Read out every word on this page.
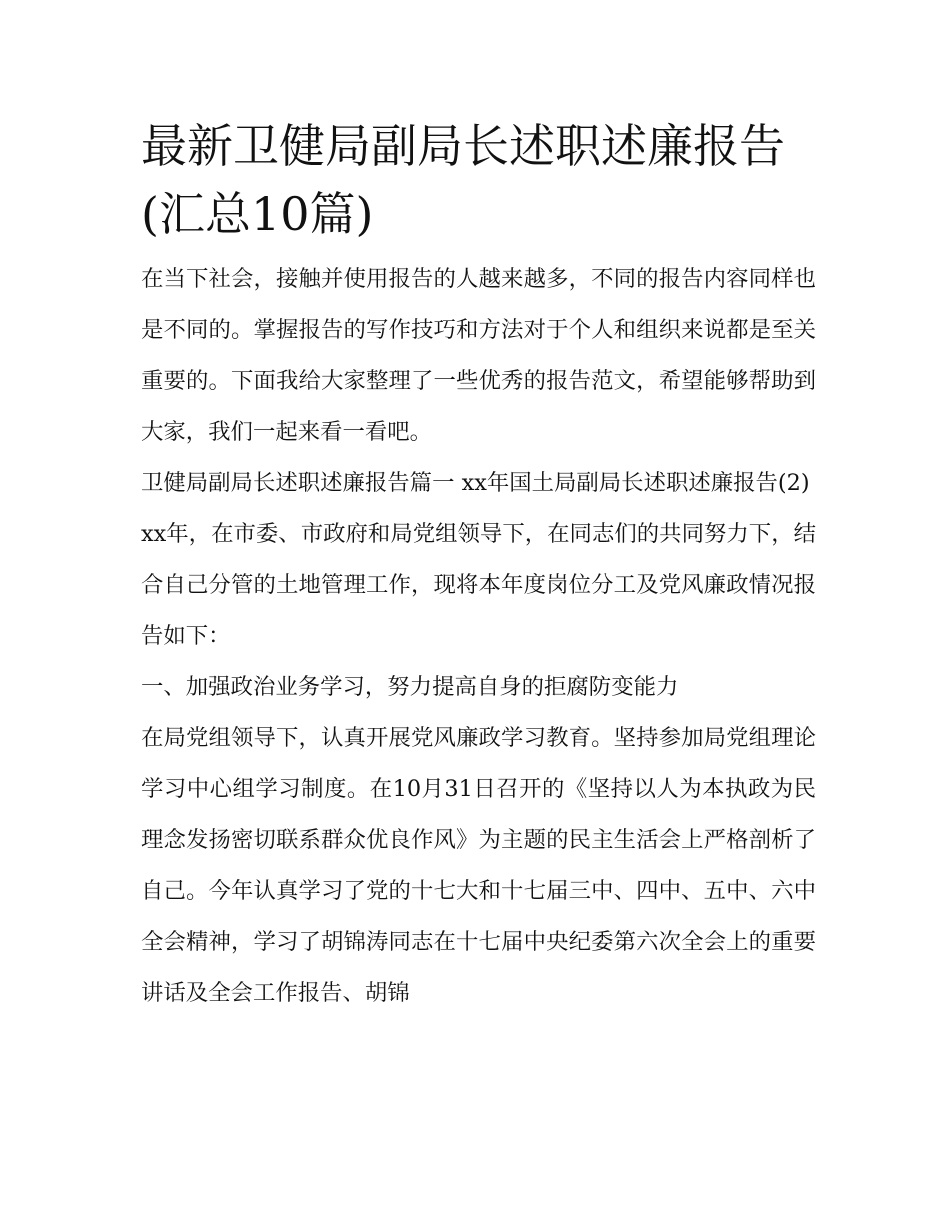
最新卫健局副局长述职述廉报告(汇总10篇)

在当下社会，接触并使用报告的人越来越多，不同的报告内容同样也是不同的。掌握报告的写作技巧和方法对于个人和组织来说都是至关重要的。下面我给大家整理了一些优秀的报告范文，希望能够帮助到大家，我们一起来看一看吧。

卫健局副局长述职述廉报告篇一 xx年国土局副局长述职述廉报告(2)

xx年，在市委、市政府和局党组领导下，在同志们的共同努力下，结合自己分管的土地管理工作，现将本年度岗位分工及党风廉政情况报告如下：

一、加强政治业务学习，努力提高自身的拒腐防变能力

在局党组领导下，认真开展党风廉政学习教育。坚持参加局党组理论学习中心组学习制度。在10月31日召开的《坚持以人为本执政为民理念发扬密切联系群众优良作风》为主题的民主生活会上严格剖析了自己。今年认真学习了党的十七大和十七届三中、四中、五中、六中全会精神，学习了胡锦涛同志在十七届中央纪委第六次全会上的重要讲话及全会工作报告、胡锦
